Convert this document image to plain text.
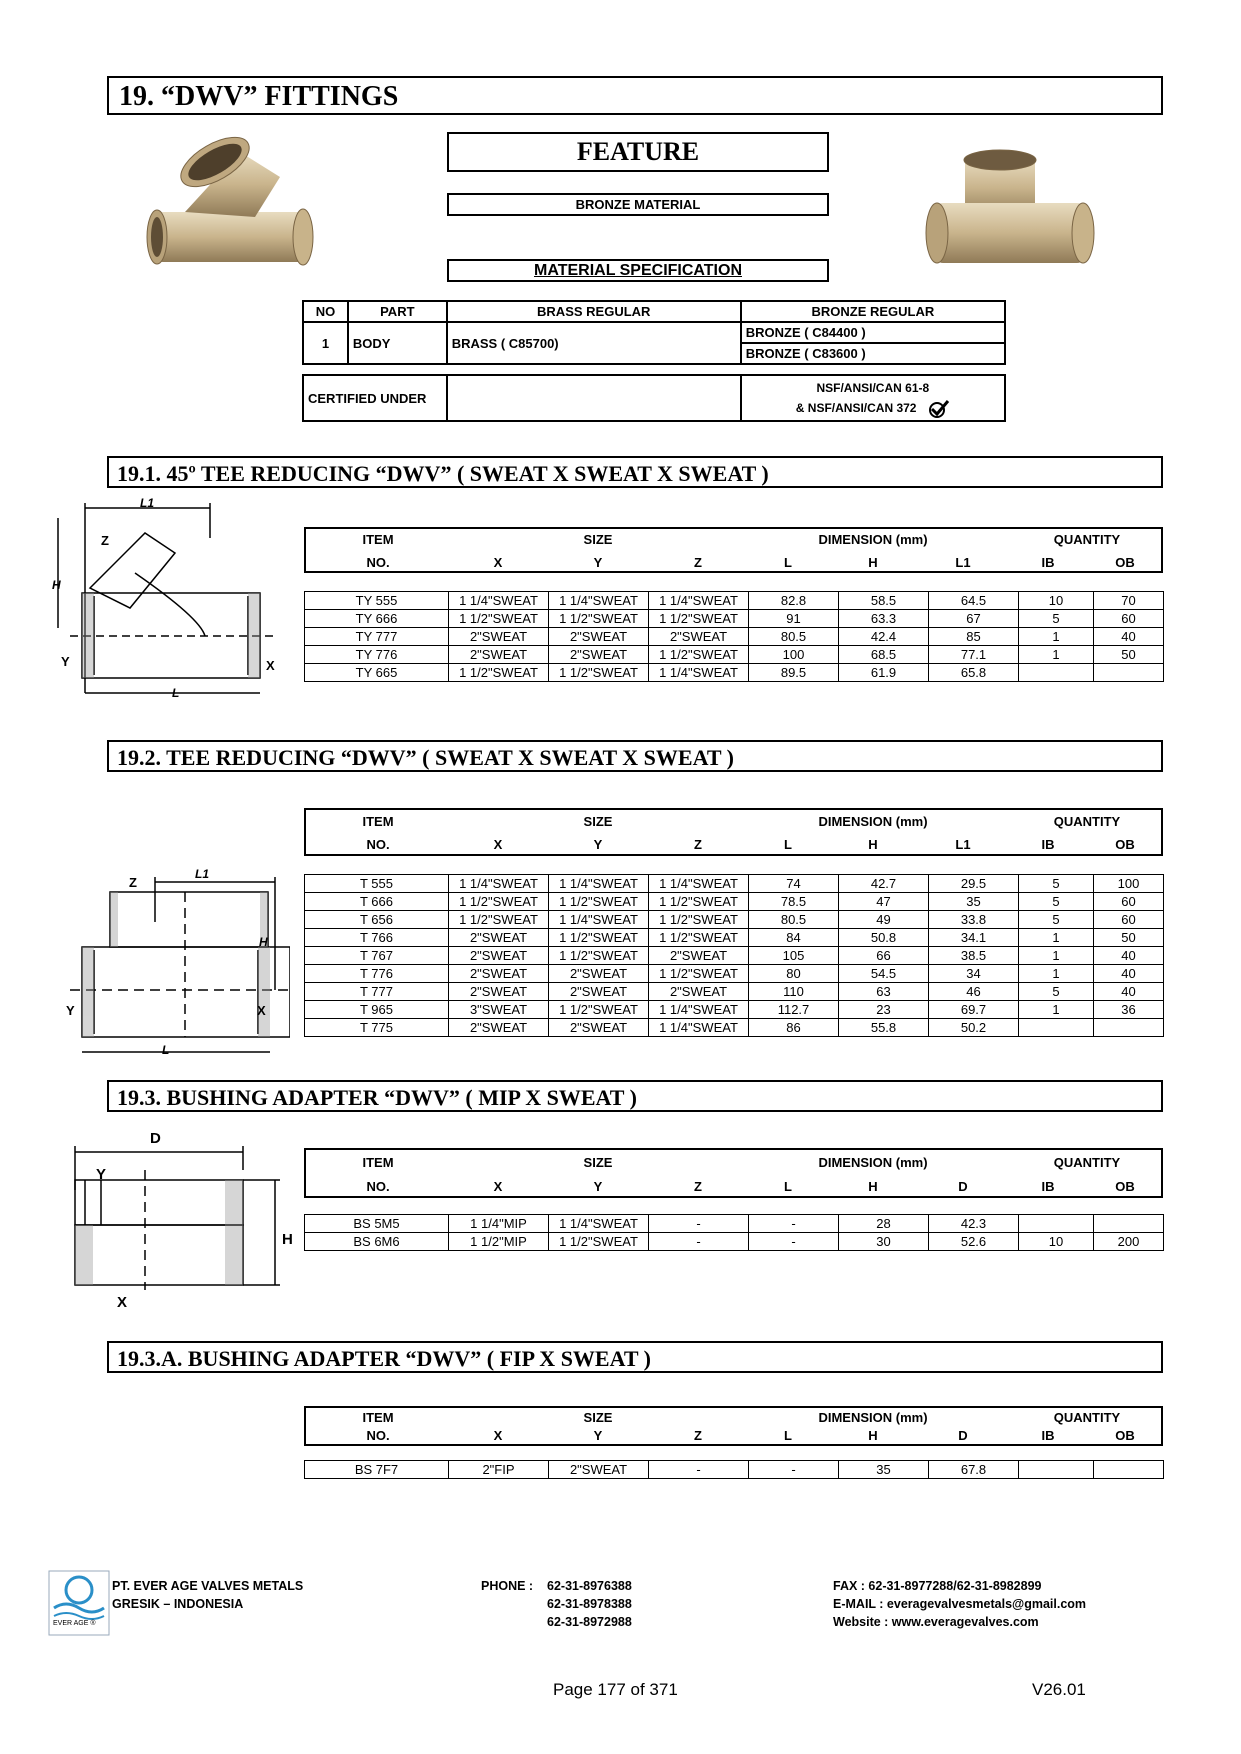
19. “DWV” FITTINGS
FEATURE
BRONZE MATERIAL
MATERIAL SPECIFICATION
NO	PART	BRASS REGULAR	BRONZE REGULAR
1	BODY	BRASS ( C85700)	BRONZE ( C84400 )
			BRONZE ( C83600 )
CERTIFIED UNDER		
NSF/ANSI/CAN 61-8
& NSF/ANSI/CAN 372
19.1. 45º TEE REDUCING “DWV” ( SWEAT X SWEAT X SWEAT )
L1
Z
H
Y	X
L
ITEM
NO.
SIZE
X	Y	Z
DIMENSION (mm)
L	H	L1
QUANTITY
IB	OB
TY 555	1 1/4"SWEAT	1 1/4"SWEAT	1 1/4"SWEAT	82.8	58.5	64.5	10	70
TY 666	1 1/2"SWEAT	1 1/2"SWEAT	1 1/2"SWEAT	91	63.3	67	5	60
TY 777	2"SWEAT	2"SWEAT	2"SWEAT	80.5	42.4	85	1	40
TY 776	2"SWEAT	2"SWEAT	1 1/2"SWEAT	100	68.5	77.1	1	50
TY 665	1 1/2"SWEAT	1 1/2"SWEAT	1 1/4"SWEAT	89.5	61.9	65.8		
19.2. TEE REDUCING “DWV” ( SWEAT X SWEAT X SWEAT )
Z
L1
H
Y	X
L
ITEM
NO.
SIZE
X	Y	Z
DIMENSION (mm)
L	H	L1
QUANTITY
IB	OB
T 555	1 1/4"SWEAT	1 1/4"SWEAT	1 1/4"SWEAT	74	42.7	29.5	5	100
T 666	1 1/2"SWEAT	1 1/2"SWEAT	1 1/2"SWEAT	78.5	47	35	5	60
T 656	1 1/2"SWEAT	1 1/4"SWEAT	1 1/2"SWEAT	80.5	49	33.8	5	60
T 766	2"SWEAT	1 1/2"SWEAT	1 1/2"SWEAT	84	50.8	34.1	1	50
T 767	2"SWEAT	1 1/2"SWEAT	2"SWEAT	105	66	38.5	1	40
T 776	2"SWEAT	2"SWEAT	1 1/2"SWEAT	80	54.5	34	1	40
T 777	2"SWEAT	2"SWEAT	2"SWEAT	110	63	46	5	40
T 965	3"SWEAT	1 1/2"SWEAT	1 1/4"SWEAT	112.7	23	69.7	1	36
T 775	2"SWEAT	2"SWEAT	1 1/4"SWEAT	86	55.8	50.2		
19.3. BUSHING ADAPTER “DWV” ( MIP X SWEAT )
D
Y
H
X
ITEM
NO.
SIZE
X	Y	Z
DIMENSION (mm)
L	H	D
QUANTITY
IB	OB
BS 5M5	1 1/4"MIP	1 1/4"SWEAT	-	-	28	42.3		
BS 6M6	1 1/2"MIP	1 1/2"SWEAT	-	-	30	52.6	10	200
19.3.A. BUSHING ADAPTER “DWV” ( FIP X SWEAT )
ITEM
NO.
SIZE
X	Y	Z
DIMENSION (mm)
L	H	D
QUANTITY
IB	OB
BS 7F7	2"FIP	2"SWEAT	-	-	35	67.8		
EVER AGE ®
PT. EVER AGE VALVES METALS
GRESIK – INDONESIA
PHONE : 62-31-8976388
62-31-8978388
62-31-8972988
FAX : 62-31-8977288/62-31-8982899
E-MAIL : everagevalvesmetals@gmail.com
Website : www.everagevalves.com
Page 177 of 371	V26.01
